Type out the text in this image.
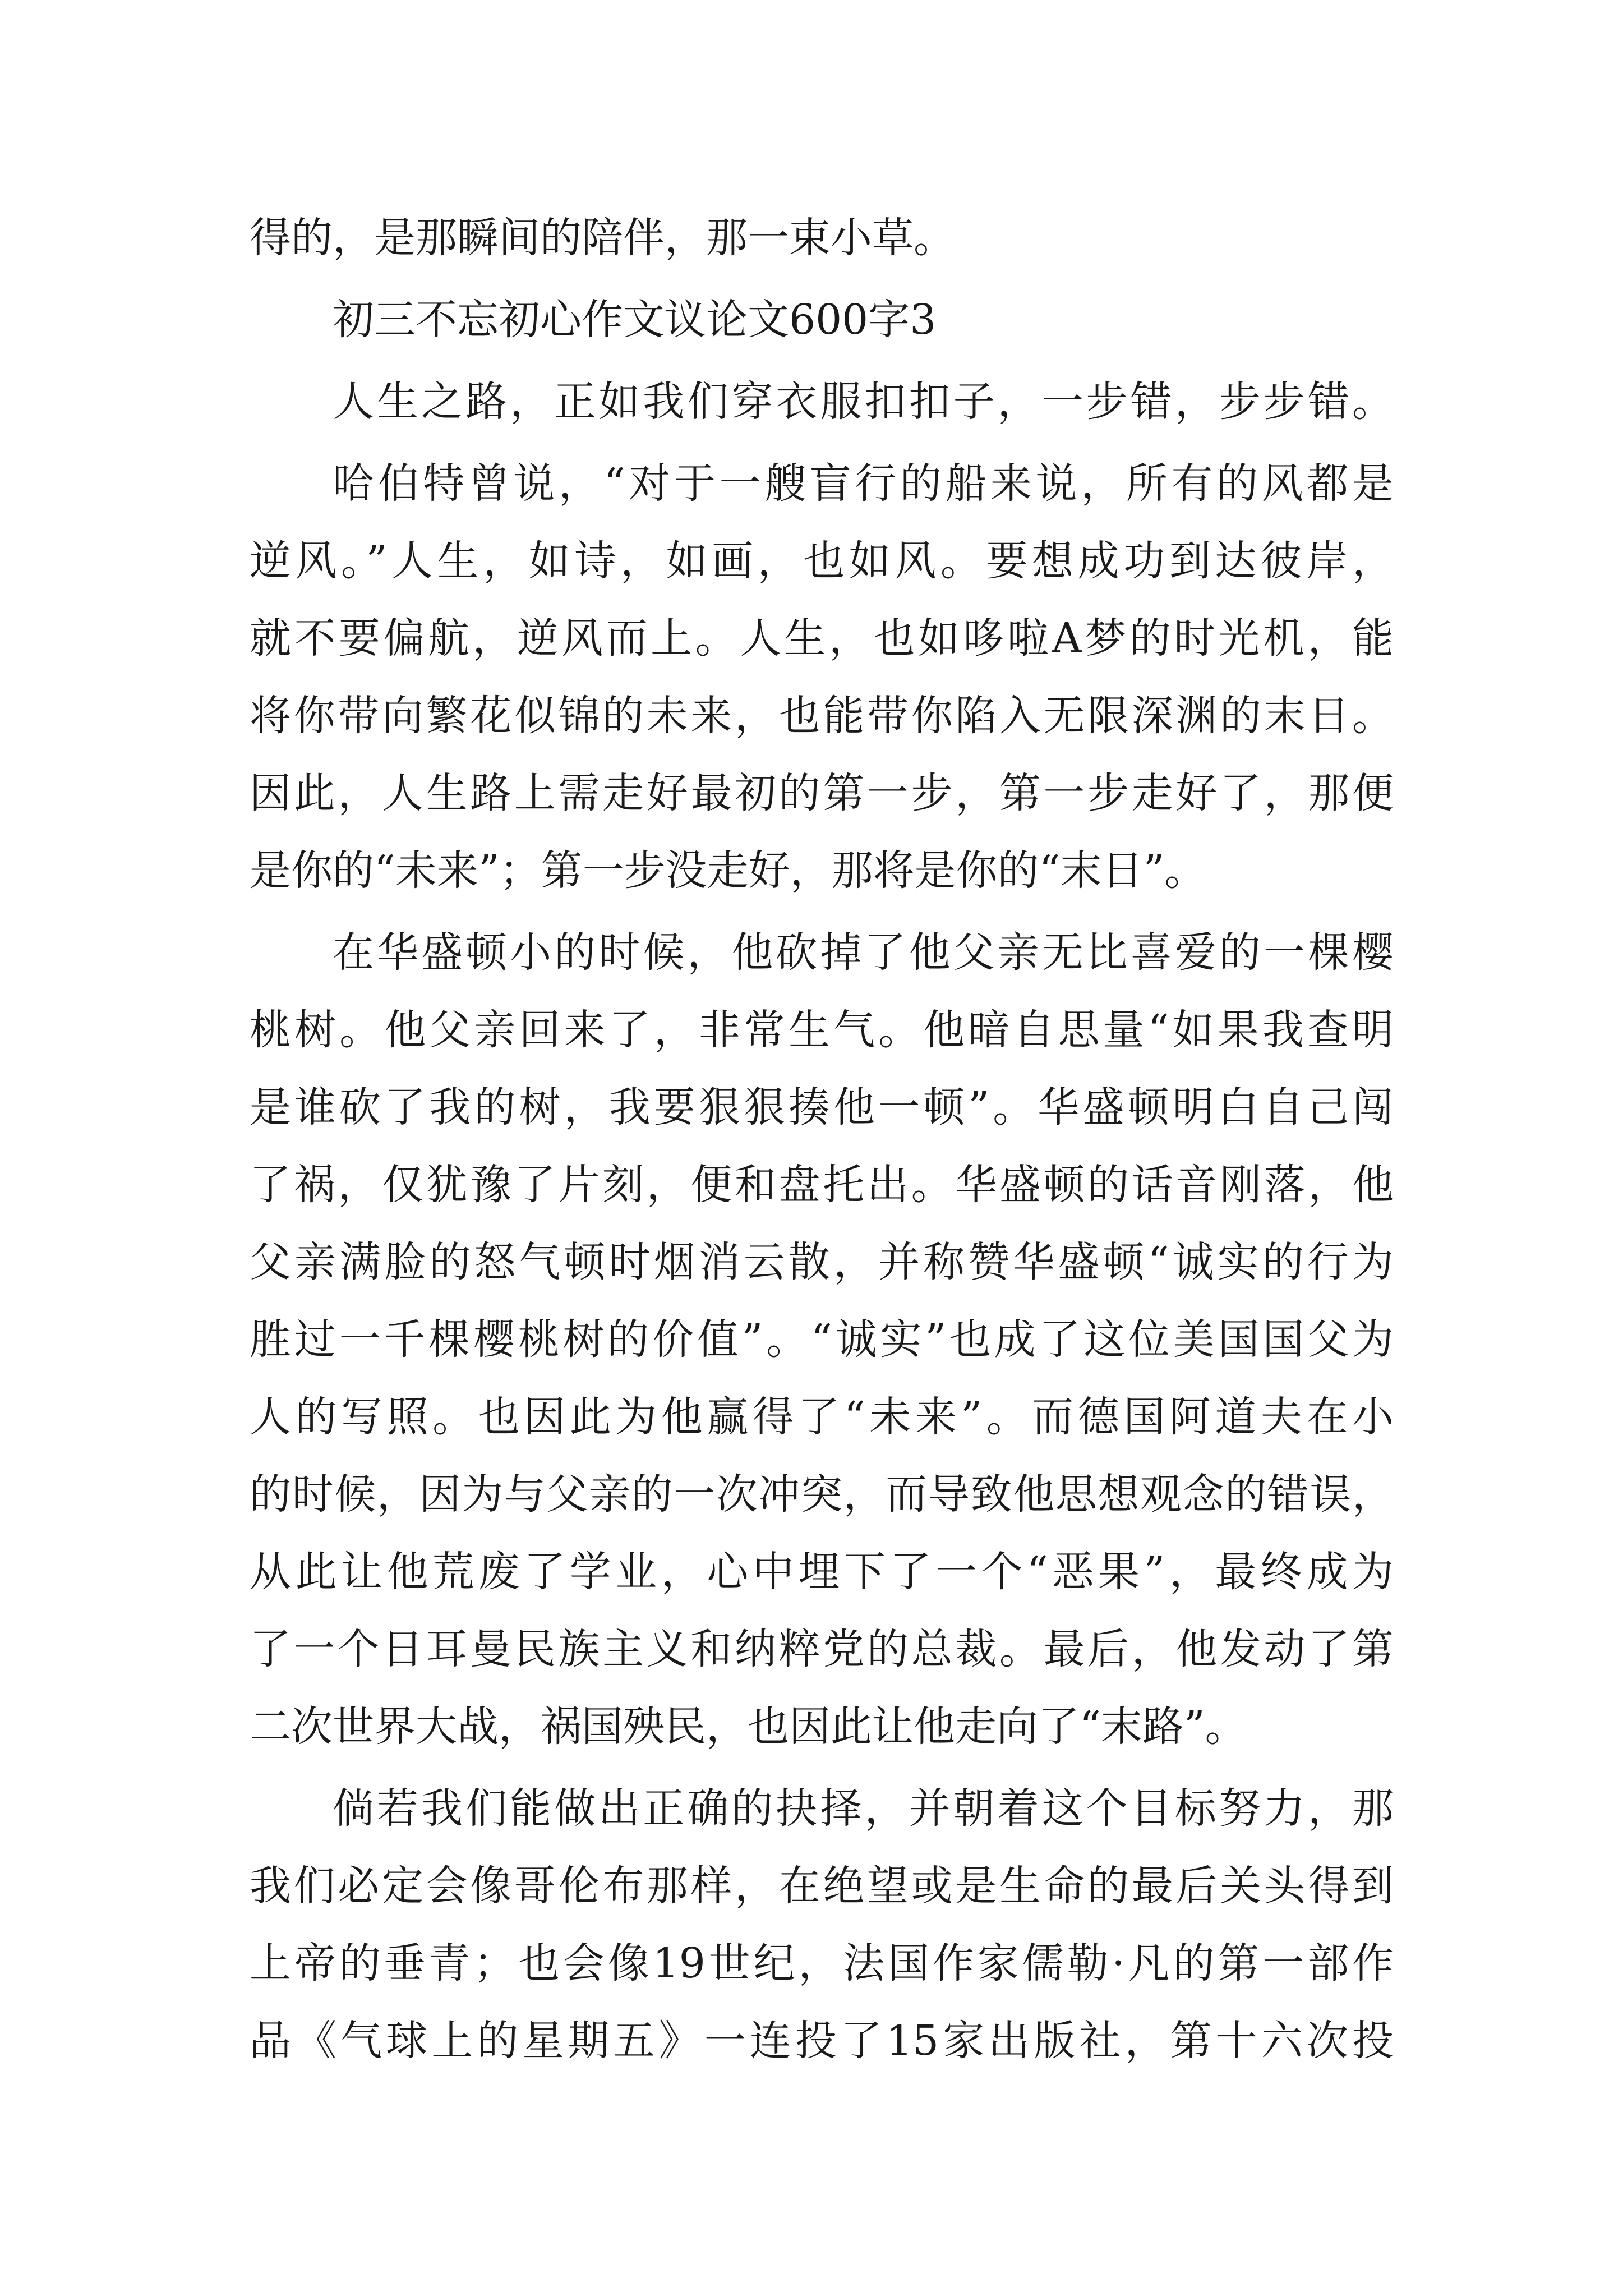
得的，是那瞬间的陪伴，那一束小草。
初三不忘初心作文议论文600字3
人生之路，正如我们穿衣服扣扣子，一步错，步步错。
哈伯特曾说，“对于一艘盲行的船来说，所有的风都是
逆风。”人生，如诗，如画，也如风。要想成功到达彼岸，
就不要偏航，逆风而上。人生，也如哆啦A梦的时光机，能
将你带向繁花似锦的未来，也能带你陷入无限深渊的末日。
因此，人生路上需走好最初的第一步，第一步走好了，那便
是你的“未来”；第一步没走好，那将是你的“末日”。
在华盛顿小的时候，他砍掉了他父亲无比喜爱的一棵樱
桃树。他父亲回来了，非常生气。他暗自思量“如果我查明
是谁砍了我的树，我要狠狠揍他一顿”。华盛顿明白自己闯
了祸，仅犹豫了片刻，便和盘托出。华盛顿的话音刚落，他
父亲满脸的怒气顿时烟消云散，并称赞华盛顿“诚实的行为
胜过一千棵樱桃树的价值”。“诚实”也成了这位美国国父为
人的写照。也因此为他赢得了“未来”。而德国阿道夫在小
的时候，因为与父亲的一次冲突，而导致他思想观念的错误，
从此让他荒废了学业，心中埋下了一个“恶果”，最终成为
了一个日耳曼民族主义和纳粹党的总裁。最后，他发动了第
二次世界大战，祸国殃民，也因此让他走向了“末路”。
倘若我们能做出正确的抉择，并朝着这个目标努力，那
我们必定会像哥伦布那样，在绝望或是生命的最后关头得到
上帝的垂青；也会像19世纪，法国作家儒勒·凡的第一部作
品《气球上的星期五》一连投了15家出版社，第十六次投
